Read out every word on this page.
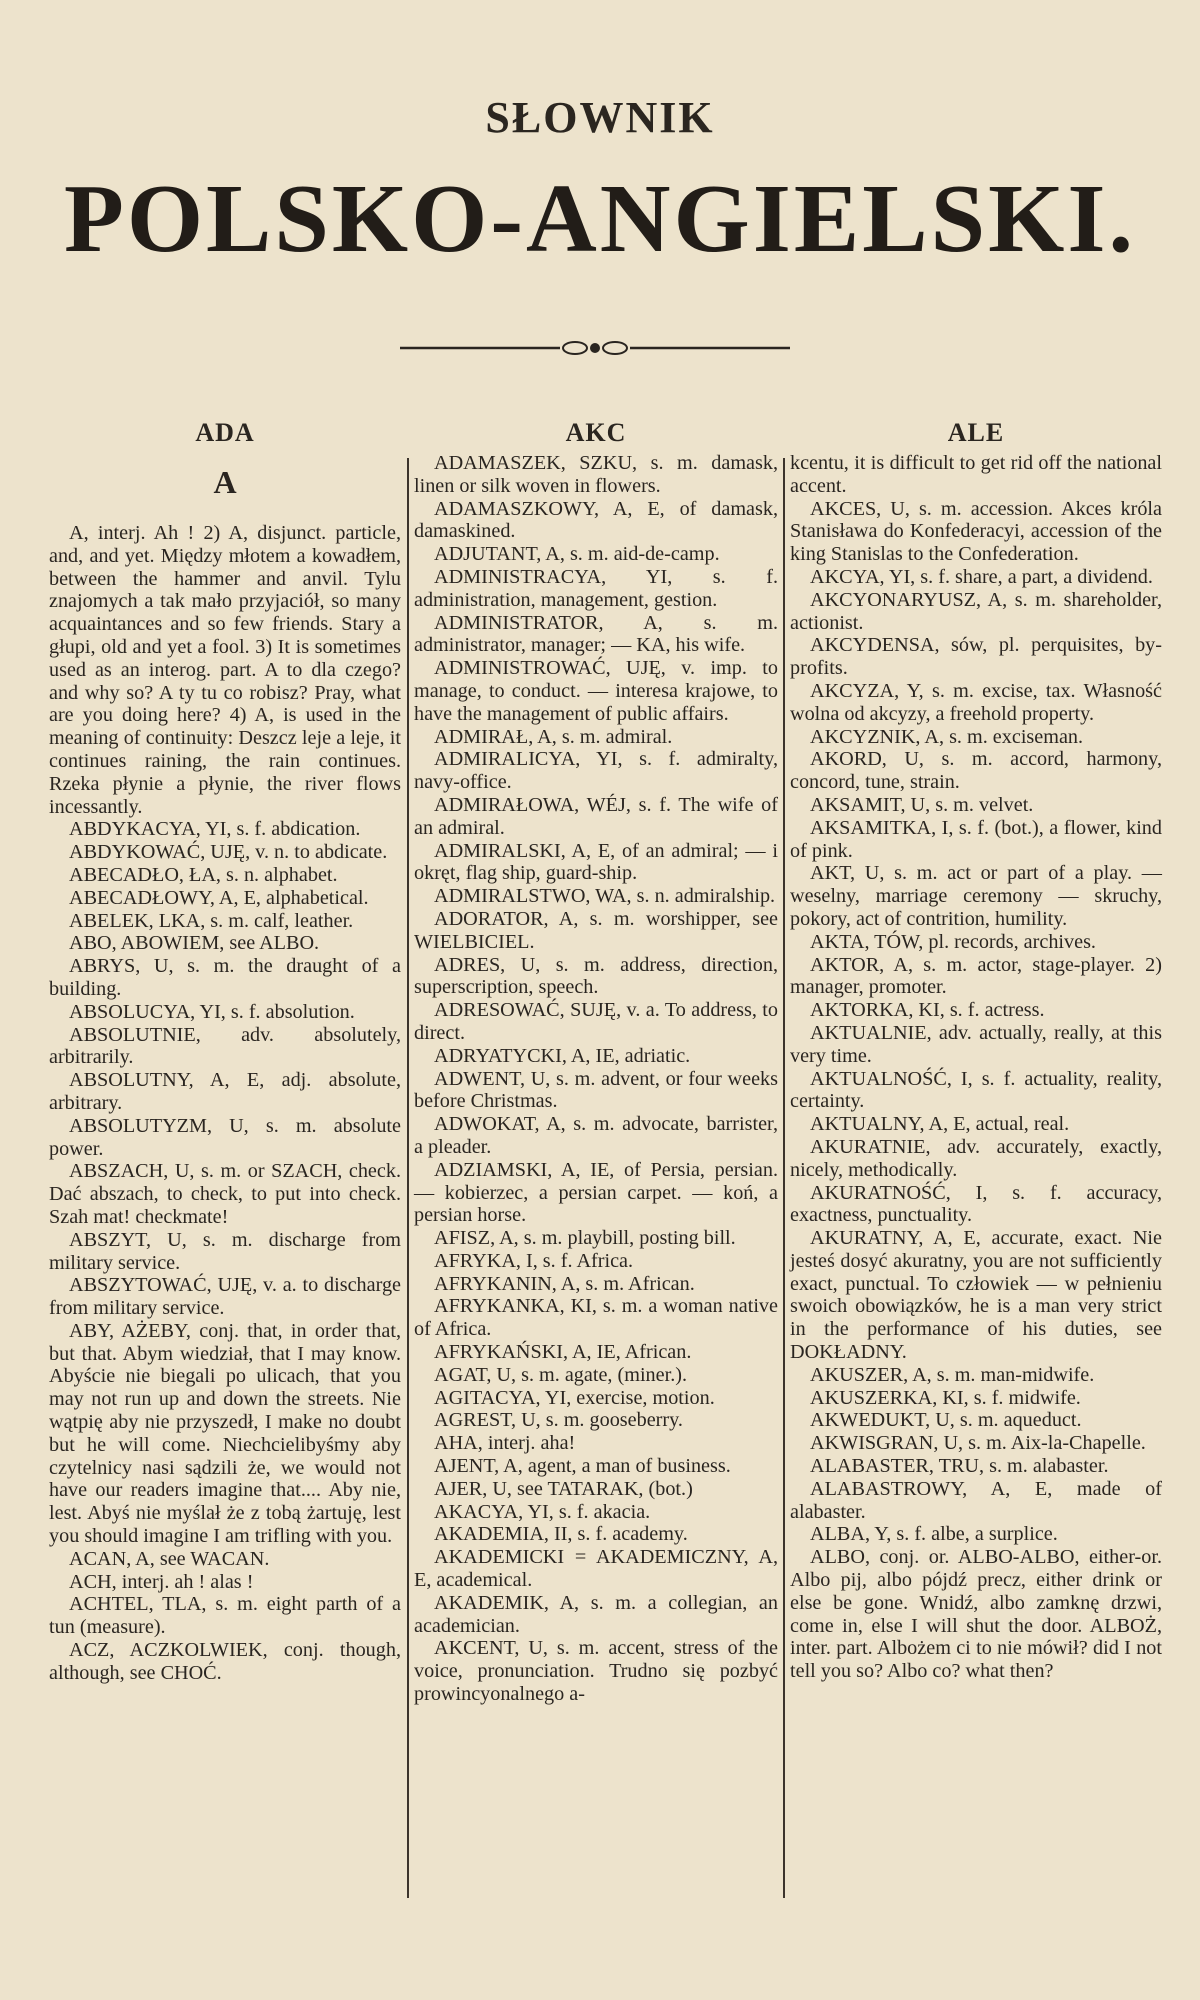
SŁOWNIK
POLSKO-ANGIELSKI.
ADA	AKC	ALE
A

A, interj. Ah ! 2) A, disjunct. particle, and, and yet. Między młotem a kowadłem, between the hammer and anvil. Tylu znajomych a tak mało przyjaciół, so many acquaintances and so few friends. Stary a głupi, old and yet a fool. 3) It is sometimes used as an interog. part. A to dla czego? and why so? A ty tu co robisz? Pray, what are you doing here? 4) A, is used in the meaning of continuity: Deszcz leje a leje, it continues raining, the rain continues. Rzeka płynie a płynie, the river flows incessantly.

ABDYKACYA, YI, s. f. abdication.

ABDYKOWAĆ, UJĘ, v. n. to abdicate.

ABECADŁO, ŁA, s. n. alphabet.

ABECADŁOWY, A, E, alphabetical.

ABELEK, LKA, s. m. calf, leather.

ABO, ABOWIEM, see ALBO.

ABRYS, U, s. m. the draught of a building.

ABSOLUCYA, YI, s. f. absolution.

ABSOLUTNIE, adv. absolutely, arbitrarily.

ABSOLUTNY, A, E, adj. absolute, arbitrary.

ABSOLUTYZM, U, s. m. absolute power.

ABSZACH, U, s. m. or SZACH, check. Dać abszach, to check, to put into check. Szah mat! checkmate!

ABSZYT, U, s. m. discharge from military service.

ABSZYTOWAĆ, UJĘ, v. a. to discharge from military service.

ABY, AŻEBY, conj. that, in order that, but that. Abym wiedział, that I may know. Abyście nie biegali po ulicach, that you may not run up and down the streets. Nie wątpię aby nie przyszedł, I make no doubt but he will come. Niechcielibyśmy aby czytelnicy nasi sądzili że, we would not have our readers imagine that.... Aby nie, lest. Abyś nie myślał że z tobą żartuję, lest you should imagine I am trifling with you.

ACAN, A, see WACAN.

ACH, interj. ah ! alas !

ACHTEL, TLA, s. m. eight parth of a tun (measure).

ACZ, ACZKOLWIEK, conj. though, although, see CHOĆ.

ADAMASZEK, SZKU, s. m. damask, linen or silk woven in flowers.

ADAMASZKOWY, A, E, of damask, damaskined.

ADJUTANT, A, s. m. aid-de-camp.

ADMINISTRACYA, YI, s. f. administration, management, gestion.

ADMINISTRATOR, A, s. m. administrator, manager; — KA, his wife.

ADMINISTROWAĆ, UJĘ, v. imp. to manage, to conduct. — interesa krajowe, to have the management of public affairs.

ADMIRAŁ, A, s. m. admiral.

ADMIRALICYA, YI, s. f. admiralty, navy-office.

ADMIRAŁOWA, WÉJ, s. f. The wife of an admiral.

ADMIRALSKI, A, E, of an admiral; — i okręt, flag ship, guard-ship.

ADMIRALSTWO, WA, s. n. admiralship.

ADORATOR, A, s. m. worshipper, see WIELBICIEL.

ADRES, U, s. m. address, direction, superscription, speech.

ADRESOWAĆ, SUJĘ, v. a. To address, to direct.

ADRYATYCKI, A, IE, adriatic.

ADWENT, U, s. m. advent, or four weeks before Christmas.

ADWOKAT, A, s. m. advocate, barrister, a pleader.

ADZIAMSKI, A, IE, of Persia, persian. — kobierzec, a persian carpet. — koń, a persian horse.

AFISZ, A, s. m. playbill, posting bill.

AFRYKA, I, s. f. Africa.

AFRYKANIN, A, s. m. African.

AFRYKANKA, KI, s. m. a woman native of Africa.

AFRYKAŃSKI, A, IE, African.

AGAT, U, s. m. agate, (miner.).

AGITACYA, YI, exercise, motion.

AGREST, U, s. m. gooseberry.

AHA, interj. aha!

AJENT, A, agent, a man of business.

AJER, U, see TATARAK, (bot.)

AKACYA, YI, s. f. akacia.

AKADEMIA, II, s. f. academy.

AKADEMICKI = AKADEMICZNY, A, E, academical.

AKADEMIK, A, s. m. a collegian, an academician.

AKCENT, U, s. m. accent, stress of the voice, pronunciation. Trudno się pozbyć prowincyonalnego a-

kcentu, it is difficult to get rid off the national accent.

AKCES, U, s. m. accession. Akces króla Stanisława do Konfederacyi, accession of the king Stanislas to the Confederation.

AKCYA, YI, s. f. share, a part, a dividend.

AKCYONARYUSZ, A, s. m. shareholder, actionist.

AKCYDENSA, sów, pl. perquisites, by-profits.

AKCYZA, Y, s. m. excise, tax. Własność wolna od akcyzy, a freehold property.

AKCYZNIK, A, s. m. exciseman.

AKORD, U, s. m. accord, harmony, concord, tune, strain.

AKSAMIT, U, s. m. velvet.

AKSAMITKA, I, s. f. (bot.), a flower, kind of pink.

AKT, U, s. m. act or part of a play. — weselny, marriage ceremony — skruchy, pokory, act of contrition, humility.

AKTA, TÓW, pl. records, archives.

AKTOR, A, s. m. actor, stage-player. 2) manager, promoter.

AKTORKA, KI, s. f. actress.

AKTUALNIE, adv. actually, really, at this very time.

AKTUALNOŚĆ, I, s. f. actuality, reality, certainty.

AKTUALNY, A, E, actual, real.

AKURATNIE, adv. accurately, exactly, nicely, methodically.

AKURATNOŚĆ, I, s. f. accuracy, exactness, punctuality.

AKURATNY, A, E, accurate, exact. Nie jesteś dosyć akuratny, you are not sufficiently exact, punctual. To człowiek — w pełnieniu swoich obowiązków, he is a man very strict in the performance of his duties, see DOKŁADNY.

AKUSZER, A, s. m. man-midwife.

AKUSZERKA, KI, s. f. midwife.

AKWEDUKT, U, s. m. aqueduct.

AKWISGRAN, U, s. m. Aix-la-Chapelle.

ALABASTER, TRU, s. m. alabaster.

ALABASTROWY, A, E, made of alabaster.

ALBA, Y, s. f. albe, a surplice.

ALBO, conj. or. ALBO-ALBO, either-or. Albo pij, albo pójdź precz, either drink or else be gone. Wnidź, albo zamknę drzwi, come in, else I will shut the door. ALBOŻ, inter. part. Albożem ci to nie mówił? did I not tell you so? Albo co? what then?
